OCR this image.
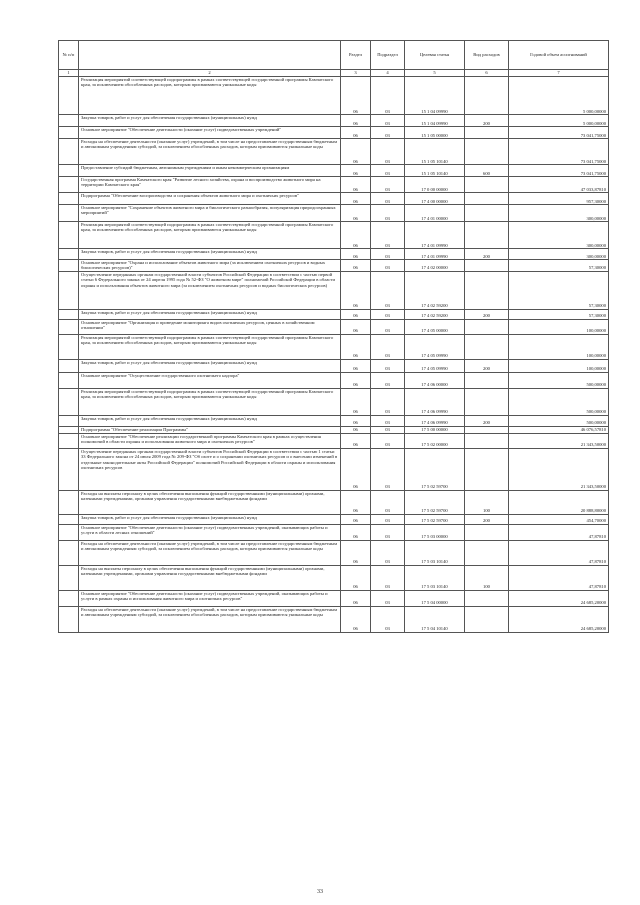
№ п/п		Раздел	Подраздел	Целевая статья	Вид расходов	Годовой объем ассигнований
1	2	3	4	5	6	7
	Реализация мероприятий соответствующей подпрограммы в рамках соответствующей государственной программы Камчатского края, за исключением обособленных расходов, которым присваиваются уникальные коды	06	03	15 1 04 09990		5 000,00000
	Закупка товаров, работ и услуг для обеспечения государственных (муниципальных) нужд	06	03	15 1 04 09990	200	5 000,00000
	Основное мероприятие "Обеспечение деятельности (оказание услуг) подведомственных учреждений"	06	03	15 1 05 00000		73 041,75000
	Расходы на обеспечение деятельности (оказание услуг) учреждений, в том числе на предоставление государственным бюджетным и автономным учреждениям субсидий, за исключением обособленных расходов, которым присваиваются уникальные коды	06	03	15 1 05 10140		73 041,75000
	Предоставление субсидий бюджетным, автономным учреждениям и иным некоммерческим организациям	06	03	15 1 05 10140	600	73 041,75000
	Государственная программа Камчатского края "Развитие лесного хозяйства, охрана и воспроизводство животного мира на территории Камчатского края"	06	03	17 0 00 00000		47 033,87810
	Подпрограмма "Обеспечение воспроизводства и сохранения объектов животного мира и охотничьих ресурсов"	06	03	17 4 00 00000		957,30000
	Основное мероприятие "Сохранение объектов животного мира и биологического разнообразия, популяризация природоохранных мероприятий"	06	03	17 4 01 00000		300,00000
	Реализация мероприятий соответствующей подпрограммы в рамках соответствующей государственной программы Камчатского края, за исключением обособленных расходов, которым присваиваются уникальные коды	06	03	17 4 01 09990		300,00000
	Закупка товаров, работ и услуг для обеспечения государственных (муниципальных) нужд	06	03	17 4 01 09990	200	300,00000
	Основное мероприятие "Охрана и использование объектов животного мира (за исключением охотничьих ресурсов и водных биологических ресурсов)"	06	03	17 4 02 00000		57,30000
	Осуществление переданных органам государственной власти субъектов Российской Федерации в соответствии с частью первой статьи 6 Федерального закона от 24 апреля 1995 года № 52-ФЗ "О животном мире" полномочий Российской Федерации в области охраны и использования объектов животного мира (за исключением охотничьих ресурсов и водных биологических ресурсов)	06	03	17 4 02 59200		57,30000
	Закупка товаров, работ и услуг для обеспечения государственных (муниципальных) нужд	06	03	17 4 02 59200	200	57,30000
	Основное мероприятие "Организация и проведение мониторинга видов охотничьих ресурсов, ценных в хозяйственном отношении"	06	03	17 4 05 00000		100,00000
	Реализация мероприятий соответствующей подпрограммы в рамках соответствующей государственной программы Камчатского края, за исключением обособленных расходов, которым присваиваются уникальные коды	06	03	17 4 05 09990		100,00000
	Закупка товаров, работ и услуг для обеспечения государственных (муниципальных) нужд	06	03	17 4 05 09990	200	100,00000
	Основное мероприятие "Осуществление государственного охотничьего надзора"	06	03	17 4 06 00000		500,00000
	Реализация мероприятий соответствующей подпрограммы в рамках соответствующей государственной программы Камчатского края, за исключением обособленных расходов, которым присваиваются уникальные коды	06	03	17 4 06 09990		500,00000
	Закупка товаров, работ и услуг для обеспечения государственных (муниципальных) нужд	06	03	17 4 06 09990	200	500,00000
	Подпрограмма "Обеспечение реализации Программы"	06	03	17 5 00 00000		46 076,57810
	Основное мероприятие "Обеспечение реализации государственной программы Камчатского края в рамках осуществления полномочий в области охраны и использования животного мира и охотничьих ресурсов"	06	03	17 5 02 00000		21 343,50000
	Осуществление переданных органам государственной власти субъектов Российской Федерации в соответствии с частью 1 статьи 33 Федерального закона от 24 июля 2009 года № 209-ФЗ "Об охоте и о сохранении охотничьих ресурсов и о внесении изменений в отдельные законодательные акты Российской Федерации" полномочий Российской Федерации в области охраны и использования охотничьих ресурсов	06	03	17 5 02 59700		21 343,50000
	Расходы на выплаты персоналу в целях обеспечения выполнения функций государственными (муниципальными) органами, казенными учреждениями, органами управления государственными внебюджетными фондами	06	03	17 5 02 59700	100	20 888,80000
	Закупка товаров, работ и услуг для обеспечения государственных (муниципальных) нужд	06	03	17 5 02 59700	200	454,70000
	Основное мероприятие "Обеспечение деятельности (оказание услуг) подведомственных учреждений, оказывающих работы и услуги в области лесных отношений"	06	03	17 5 03 00000		47,87810
	Расходы на обеспечение деятельности (оказание услуг) учреждений, в том числе на предоставление государственным бюджетным и автономным учреждениям субсидий, за исключением обособленных расходов, которым присваиваются уникальные коды	06	03	17 5 03 10140		47,87810
	Расходы на выплаты персоналу в целях обеспечения выполнения функций государственными (муниципальными) органами, казенными учреждениями, органами управления государственными внебюджетными фондами	06	03	17 5 03 10140	100	47,87810
	Основное мероприятие "Обеспечение деятельности (оказание услуг) подведомственных учреждений, оказывающих работы и услуги в рамках охраны и использования животного мира и охотничьих ресурсов"	06	03	17 5 04 00000		24 685,20000
	Расходы на обеспечение деятельности (оказание услуг) учреждений, в том числе на предоставление государственным бюджетным и автономным учреждениям субсидий, за исключением обособленных расходов, которым присваиваются уникальные коды	06	03	17 5 04 10140		24 685,20000
33
